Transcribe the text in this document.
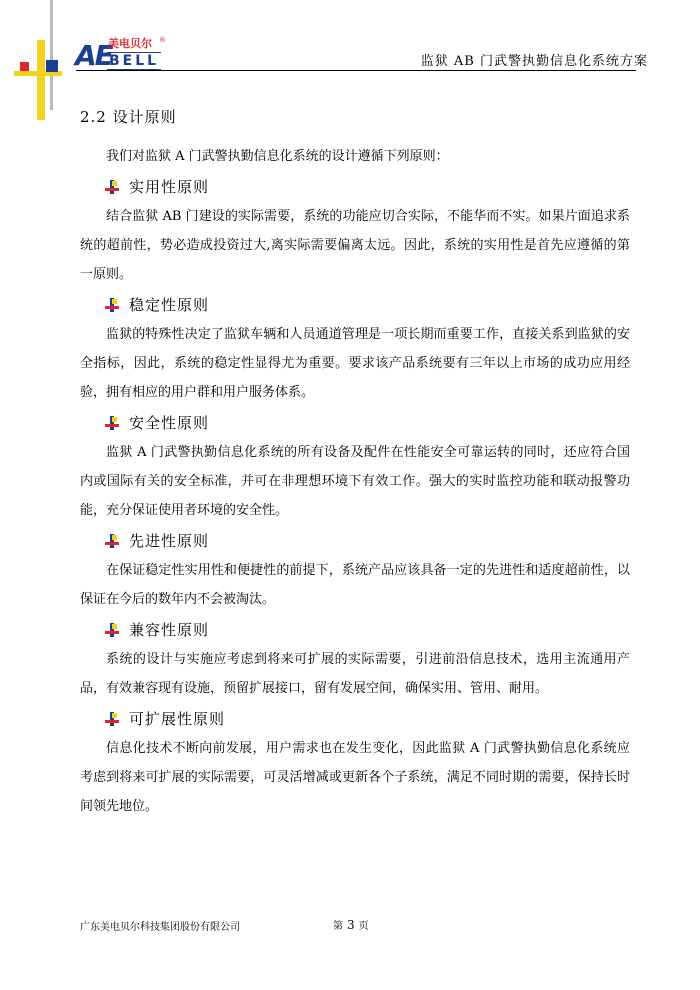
AE
美电贝尔 ®
BELL	监狱 AB 门武警执勤信息化系统方案
2.2 设计原则

我们对监狱 A 门武警执勤信息化系统的设计遵循下列原则：

实用性原则

结合监狱 AB 门建设的实际需要，系统的功能应切合实际，不能华而不实。如果片面追求系统的超前性，势必造成投资过大,离实际需要偏离太远。因此，系统的实用性是首先应遵循的第一原则。

稳定性原则

监狱的特殊性决定了监狱车辆和人员通道管理是一项长期而重要工作，直接关系到监狱的安全指标，因此，系统的稳定性显得尤为重要。要求该产品系统要有三年以上市场的成功应用经验，拥有相应的用户群和用户服务体系。

安全性原则

监狱 A 门武警执勤信息化系统的所有设备及配件在性能安全可靠运转的同时，还应符合国内或国际有关的安全标准，并可在非理想环境下有效工作。强大的实时监控功能和联动报警功能，充分保证使用者环境的安全性。

先进性原则

在保证稳定性实用性和便捷性的前提下，系统产品应该具备一定的先进性和适度超前性，以保证在今后的数年内不会被淘汰。

兼容性原则

系统的设计与实施应考虑到将来可扩展的实际需要，引进前沿信息技术，选用主流通用产品，有效兼容现有设施，预留扩展接口，留有发展空间，确保实用、管用、耐用。

可扩展性原则

信息化技术不断向前发展，用户需求也在发生变化，因此监狱 A 门武警执勤信息化系统应考虑到将来可扩展的实际需要，可灵活增减或更新各个子系统，满足不同时期的需要，保持长时间领先地位。

广东美电贝尔科技集团股份有限公司	第 3 页
